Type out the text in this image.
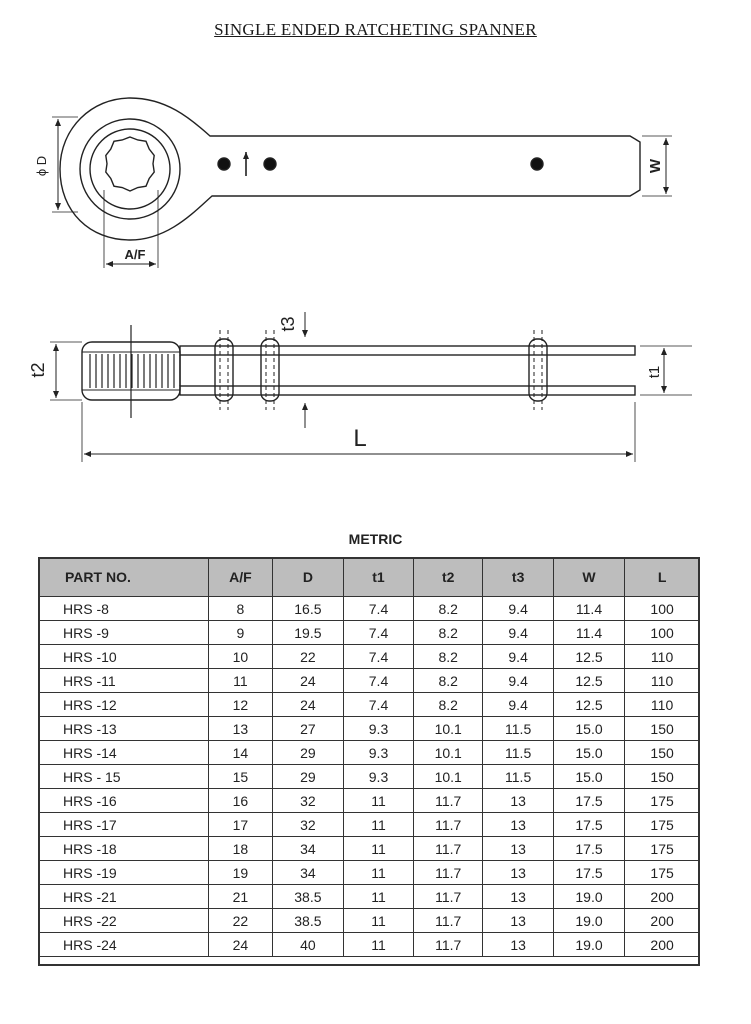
SINGLE ENDED RATCHETING SPANNER
ϕ D
A/F
W
t2	t1
t3
L
METRIC
PART NO.	A/F	D	t1	t2	t3	W	L
HRS -8	8	16.5	7.4	8.2	9.4	11.4	100
HRS -9	9	19.5	7.4	8.2	9.4	11.4	100
HRS -10	10	22	7.4	8.2	9.4	12.5	110
HRS -11	11	24	7.4	8.2	9.4	12.5	110
HRS -12	12	24	7.4	8.2	9.4	12.5	110
HRS -13	13	27	9.3	10.1	11.5	15.0	150
HRS -14	14	29	9.3	10.1	11.5	15.0	150
HRS - 15	15	29	9.3	10.1	11.5	15.0	150
HRS -16	16	32	11	11.7	13	17.5	175
HRS -17	17	32	11	11.7	13	17.5	175
HRS -18	18	34	11	11.7	13	17.5	175
HRS -19	19	34	11	11.7	13	17.5	175
HRS -21	21	38.5	11	11.7	13	19.0	200
HRS -22	22	38.5	11	11.7	13	19.0	200
HRS -24	24	40	11	11.7	13	19.0	200
